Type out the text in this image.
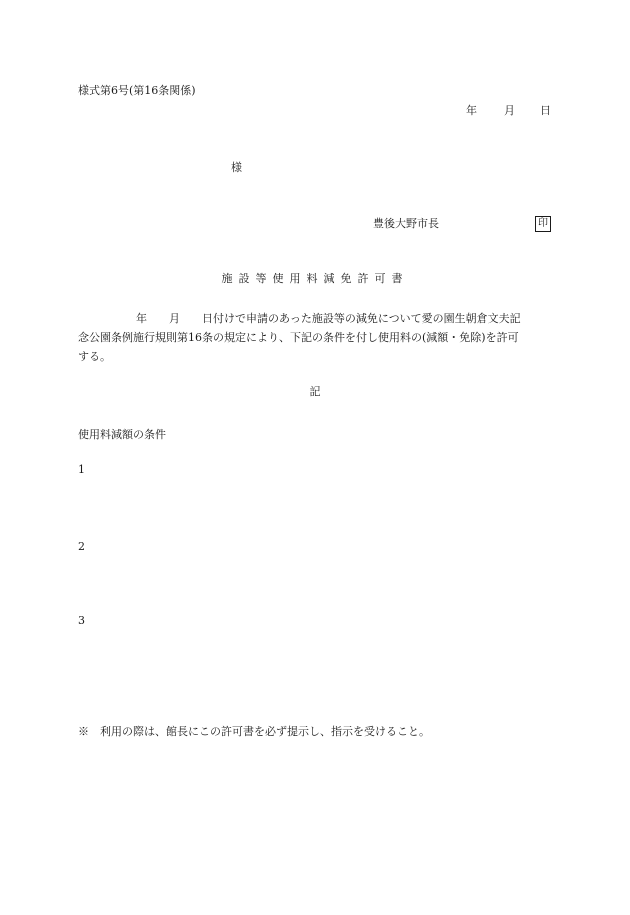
様式第6号(第16条関係)
年 月 日
様
豊後大野市長	印
施設等使用料減免許可書
年　　月　　日付けで申請のあった施設等の減免について愛の園生朝倉文夫記
念公園条例施行規則第16条の規定により、下記の条件を付し使用料の(減額・免除)を許可
する。
記
使用料減額の条件
1
2
3
※　利用の際は、館長にこの許可書を必ず提示し、指示を受けること。
